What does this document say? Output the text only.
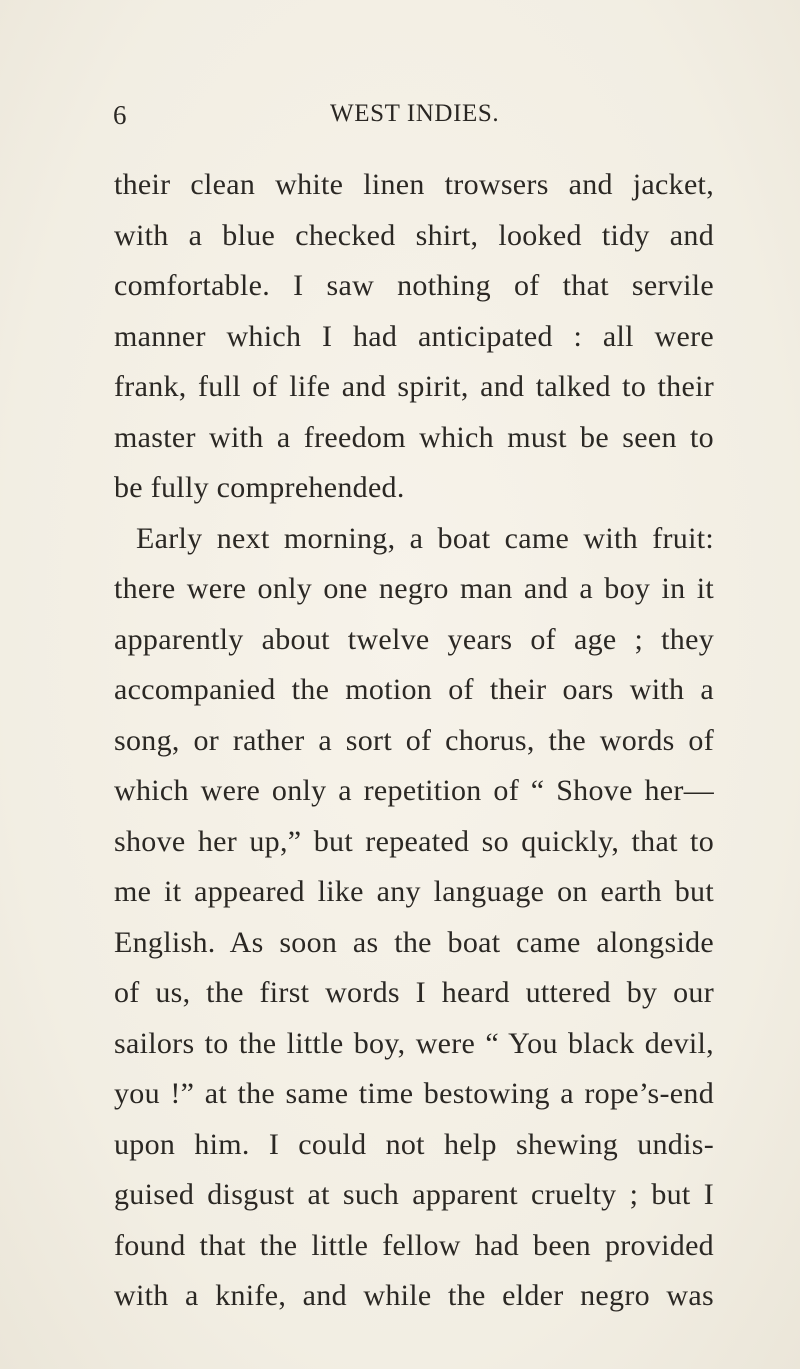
6	WEST INDIES.
their clean white linen trowsers and jacket,
with a blue checked shirt, looked tidy and
comfortable. I saw nothing of that servile
manner which I had anticipated : all were
frank, full of life and spirit, and talked to their
master with a freedom which must be seen to
be fully comprehended.
Early next morning, a boat came with fruit:
there were only one negro man and a boy in it
apparently about twelve years of age ; they
accompanied the motion of their oars with a
song, or rather a sort of chorus, the words of
which were only a repetition of “ Shove her—
shove her up,” but repeated so quickly, that to
me it appeared like any language on earth but
English. As soon as the boat came alongside
of us, the first words I heard uttered by our
sailors to the little boy, were “ You black devil,
you !” at the same time bestowing a rope’s-end
upon him. I could not help shewing undis-
guised disgust at such apparent cruelty ; but I
found that the little fellow had been provided
with a knife, and while the elder negro was
